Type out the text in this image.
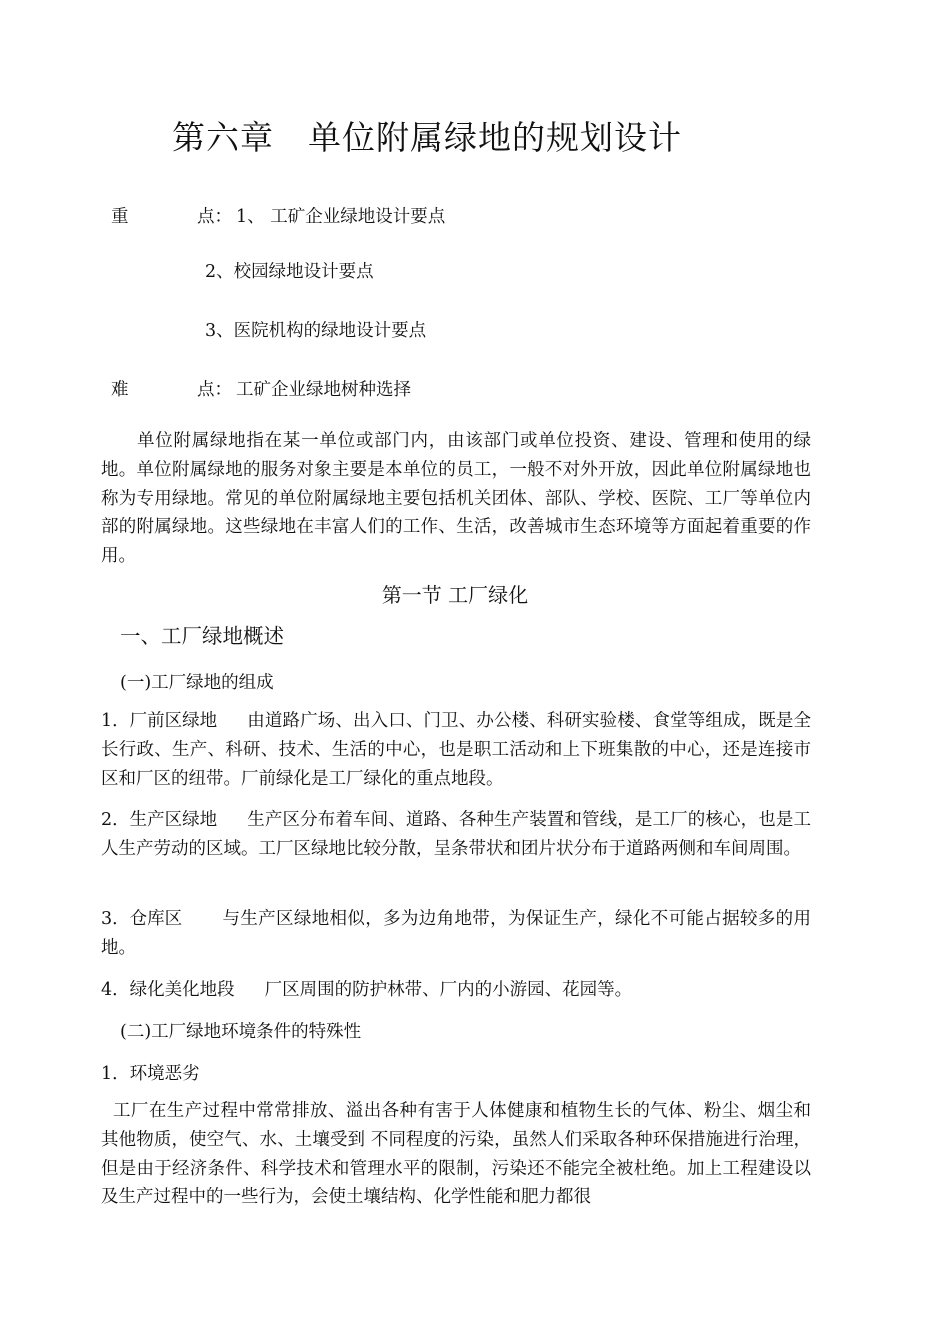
第六章 单位附属绿地的规划设计
重	点： 1、 工矿企业绿地设计要点
2、校园绿地设计要点
3、医院机构的绿地设计要点
难	点： 工矿企业绿地树种选择

单位附属绿地指在某一单位或部门内，由该部门或单位投资、建设、管理和使用的绿地。单位附属绿地的服务对象主要是本单位的员工，一般不对外开放，因此单位附属绿地也称为专用绿地。常见的单位附属绿地主要包括机关团体、部队、学校、医院、工厂等单位内部的附属绿地。这些绿地在丰富人们的工作、生活，改善城市生态环境等方面起着重要的作用。

第一节 工厂绿化
一、工厂绿地概述
(一)工厂绿地的组成

1．厂前区绿地 由道路广场、出入口、门卫、办公楼、科研实验楼、食堂等组成，既是全长行政、生产、科研、技术、生活的中心，也是职工活动和上下班集散的中心，还是连接市区和厂区的纽带。厂前绿化是工厂绿化的重点地段。

2．生产区绿地 生产区分布着车间、道路、各种生产装置和管线，是工厂的核心，也是工人生产劳动的区域。工厂区绿地比较分散，呈条带状和团片状分布于道路两侧和车间周围。

3．仓库区 与生产区绿地相似，多为边角地带，为保证生产，绿化不可能占据较多的用地。

4．绿化美化地段 厂区周围的防护林带、厂内的小游园、花园等。

(二)工厂绿地环境条件的特殊性
1．环境恶劣

工厂在生产过程中常常排放、溢出各种有害于人体健康和植物生长的气体、粉尘、烟尘和其他物质，使空气、水、土壤受到 不同程度的污染，虽然人们采取各种环保措施进行治理，但是由于经济条件、科学技术和管理水平的限制，污染还不能完全被杜绝。加上工程建设以及生产过程中的一些行为，会使土壤结构、化学性能和肥力都很
